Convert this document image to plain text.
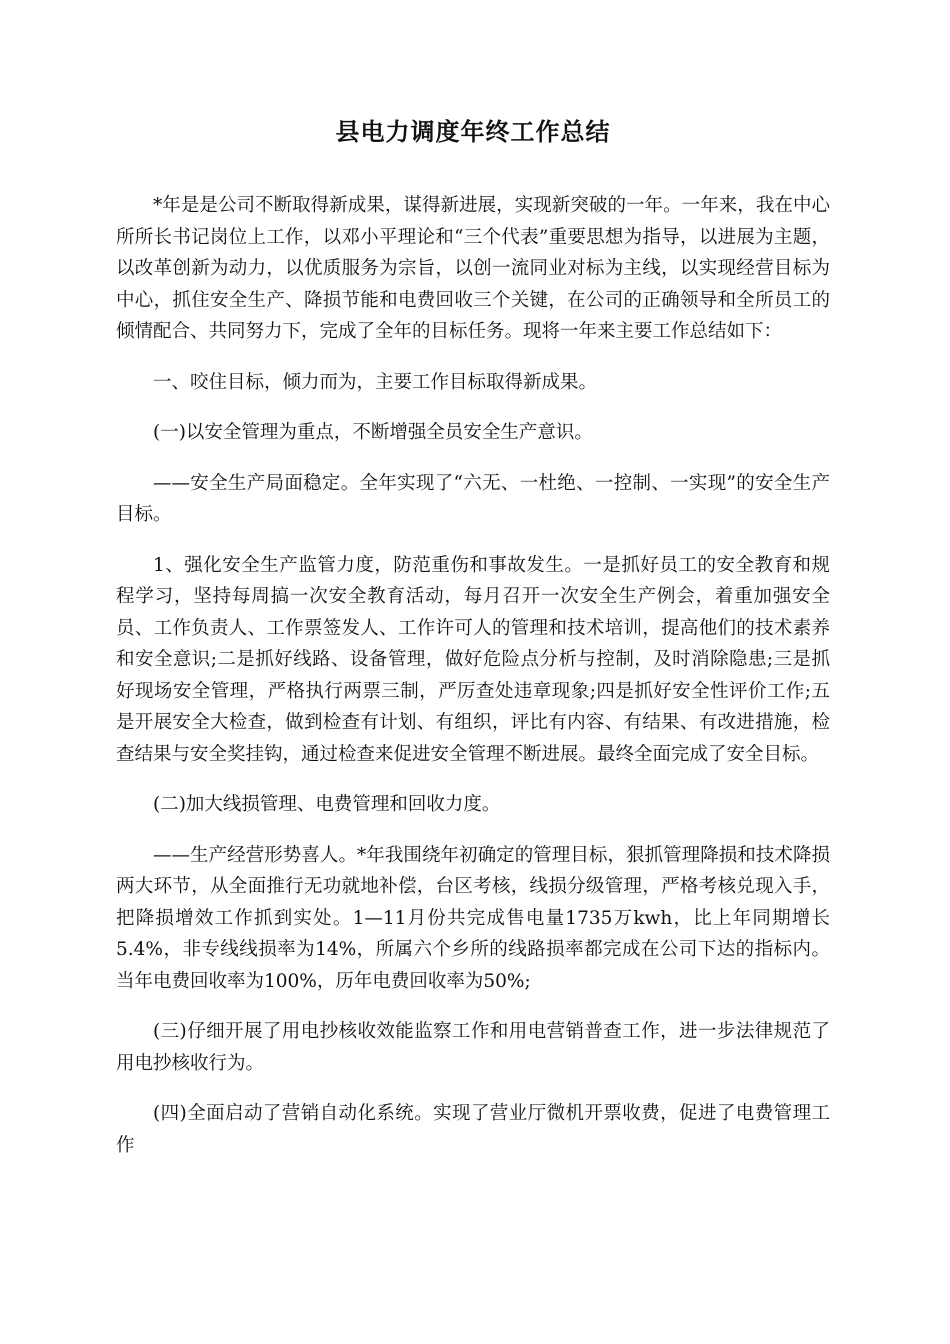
县电力调度年终工作总结

*年是是公司不断取得新成果，谋得新进展，实现新突破的一年。一年来，我在中心所所长书记岗位上工作，以邓小平理论和“三个代表”重要思想为指导，以进展为主题，以改革创新为动力，以优质服务为宗旨，以创一流同业对标为主线，以实现经营目标为中心，抓住安全生产、降损节能和电费回收三个关键，在公司的正确领导和全所员工的倾情配合、共同努力下，完成了全年的目标任务。现将一年来主要工作总结如下：

一、咬住目标，倾力而为，主要工作目标取得新成果。

(一)以安全管理为重点，不断增强全员安全生产意识。

——安全生产局面稳定。全年实现了“六无、一杜绝、一控制、一实现”的安全生产目标。

1、强化安全生产监管力度，防范重伤和事故发生。一是抓好员工的安全教育和规程学习，坚持每周搞一次安全教育活动，每月召开一次安全生产例会，着重加强安全员、工作负责人、工作票签发人、工作许可人的管理和技术培训，提高他们的技术素养和安全意识;二是抓好线路、设备管理，做好危险点分析与控制，及时消除隐患;三是抓好现场安全管理，严格执行两票三制，严厉查处违章现象;四是抓好安全性评价工作;五是开展安全大检查，做到检查有计划、有组织，评比有内容、有结果、有改进措施，检查结果与安全奖挂钩，通过检查来促进安全管理不断进展。最终全面完成了安全目标。

(二)加大线损管理、电费管理和回收力度。

——生产经营形势喜人。*年我围绕年初确定的管理目标，狠抓管理降损和技术降损两大环节，从全面推行无功就地补偿，台区考核，线损分级管理，严格考核兑现入手，把降损增效工作抓到实处。1—11月份共完成售电量1735万kwh，比上年同期增长5.4%，非专线线损率为14%，所属六个乡所的线路损率都完成在公司下达的指标内。当年电费回收率为100%，历年电费回收率为50%;

(三)仔细开展了用电抄核收效能监察工作和用电营销普查工作，进一步法律规范了用电抄核收行为。

(四)全面启动了营销自动化系统。实现了营业厅微机开票收费，促进了电费管理工作
